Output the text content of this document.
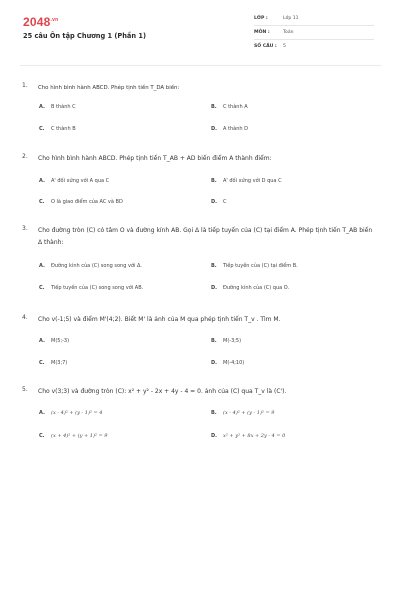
$2048^{.vn}$
25 câu Ôn tập Chương 1 (Phần 1)
LỚP :	Lớp 11
MÔN :	Toán
SỐ CÂU : 5
1. Cho hình bình hành ABCD. Phép tịnh tiến T_DA biến:
A. B thành C	B. C thành A
C. C thành B	D. A thành D
2. Cho hình bình hành ABCD. Phép tịnh tiến T_AB + AD biến điểm A thành điểm:
A. A' đối xứng với A qua C	B. A' đối xứng với D qua C
C. O là giao điểm của AC và BD	D. C
3. Cho đường tròn (C) có tâm O và đường kính AB. Gọi Δ là tiếp tuyến của (C) tại điểm A. Phép tịnh tiến T_AB biến Δ thành:
A. Đường kính của (C) song song với Δ.	B. Tiếp tuyến của (C) tại điểm B.
C. Tiếp tuyến của (C) song song với AB.	D. Đường kính của (C) qua O.
4. Cho v(-1;5) và điểm M'(4;2). Biết M' là ảnh của M qua phép tịnh tiến T_v . Tìm M.
A. M(5;-3)	B. M(-3;5)
C. M(3;7)	D. M(-4;10)
5. Cho v(3;3) và đường tròn (C): x² + y² - 2x + 4y - 4 = 0. ảnh của (C) qua T_v là (C').
A. (x - 4)² + (y - 1)² = 4	B. (x - 4)² + (y - 1)² = 9
C. (x + 4)² + (y + 1)² = 9	D. x² + y² + 8x + 2y - 4 = 0
